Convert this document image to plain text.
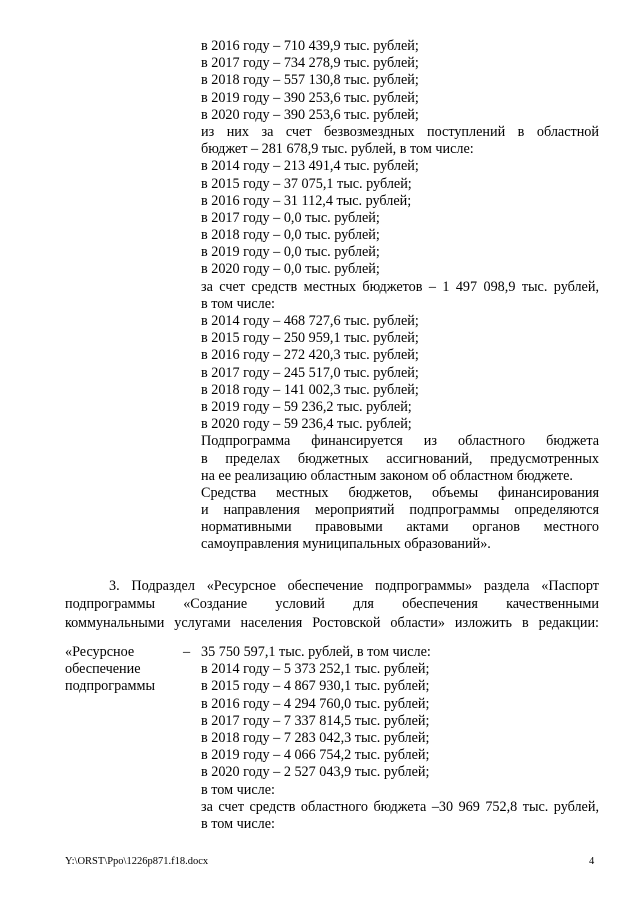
в 2016 году – 710 439,9 тыс. рублей;
в 2017 году – 734 278,9 тыс. рублей;
в 2018 году – 557 130,8 тыс. рублей;
в 2019 году – 390 253,6 тыс. рублей;
в 2020 году – 390 253,6 тыс. рублей;
из них за счет безвозмездных поступлений в областной
бюджет – 281 678,9 тыс. рублей, в том числе:
в 2014 году – 213 491,4 тыс. рублей;
в 2015 году – 37 075,1 тыс. рублей;
в 2016 году – 31 112,4 тыс. рублей;
в 2017 году – 0,0 тыс. рублей;
в 2018 году – 0,0 тыс. рублей;
в 2019 году – 0,0 тыс. рублей;
в 2020 году – 0,0 тыс. рублей;
за счет средств местных бюджетов – 1 497 098,9 тыс. рублей,
в том числе:
в 2014 году – 468 727,6 тыс. рублей;
в 2015 году – 250 959,1 тыс. рублей;
в 2016 году – 272 420,3 тыс. рублей;
в 2017 году – 245 517,0 тыс. рублей;
в 2018 году – 141 002,3 тыс. рублей;
в 2019 году – 59 236,2 тыс. рублей;
в 2020 году – 59 236,4 тыс. рублей;
Подпрограмма финансируется из областного бюджета
в пределах бюджетных ассигнований, предусмотренных
на ее реализацию областным законом об областном бюджете.
Средства местных бюджетов, объемы финансирования
и направления мероприятий подпрограммы определяются
нормативными правовыми актами органов местного
самоуправления муниципальных образований».
3. Подраздел «Ресурсное обеспечение подпрограммы» раздела «Паспорт
подпрограммы «Создание условий для обеспечения качественными
коммунальными услугами населения Ростовской области» изложить в редакции:
«Ресурсное
обеспечение
подпрограммы
– 35 750 597,1 тыс. рублей, в том числе:
в 2014 году – 5 373 252,1 тыс. рублей;
в 2015 году – 4 867 930,1 тыс. рублей;
в 2016 году – 4 294 760,0 тыс. рублей;
в 2017 году – 7 337 814,5 тыс. рублей;
в 2018 году – 7 283 042,3 тыс. рублей;
в 2019 году – 4 066 754,2 тыс. рублей;
в 2020 году – 2 527 043,9 тыс. рублей;
в том числе:
за счет средств областного бюджета –30 969 752,8 тыс. рублей,
в том числе:
Y:\ORST\Ppo\1226p871.f18.docx	4
